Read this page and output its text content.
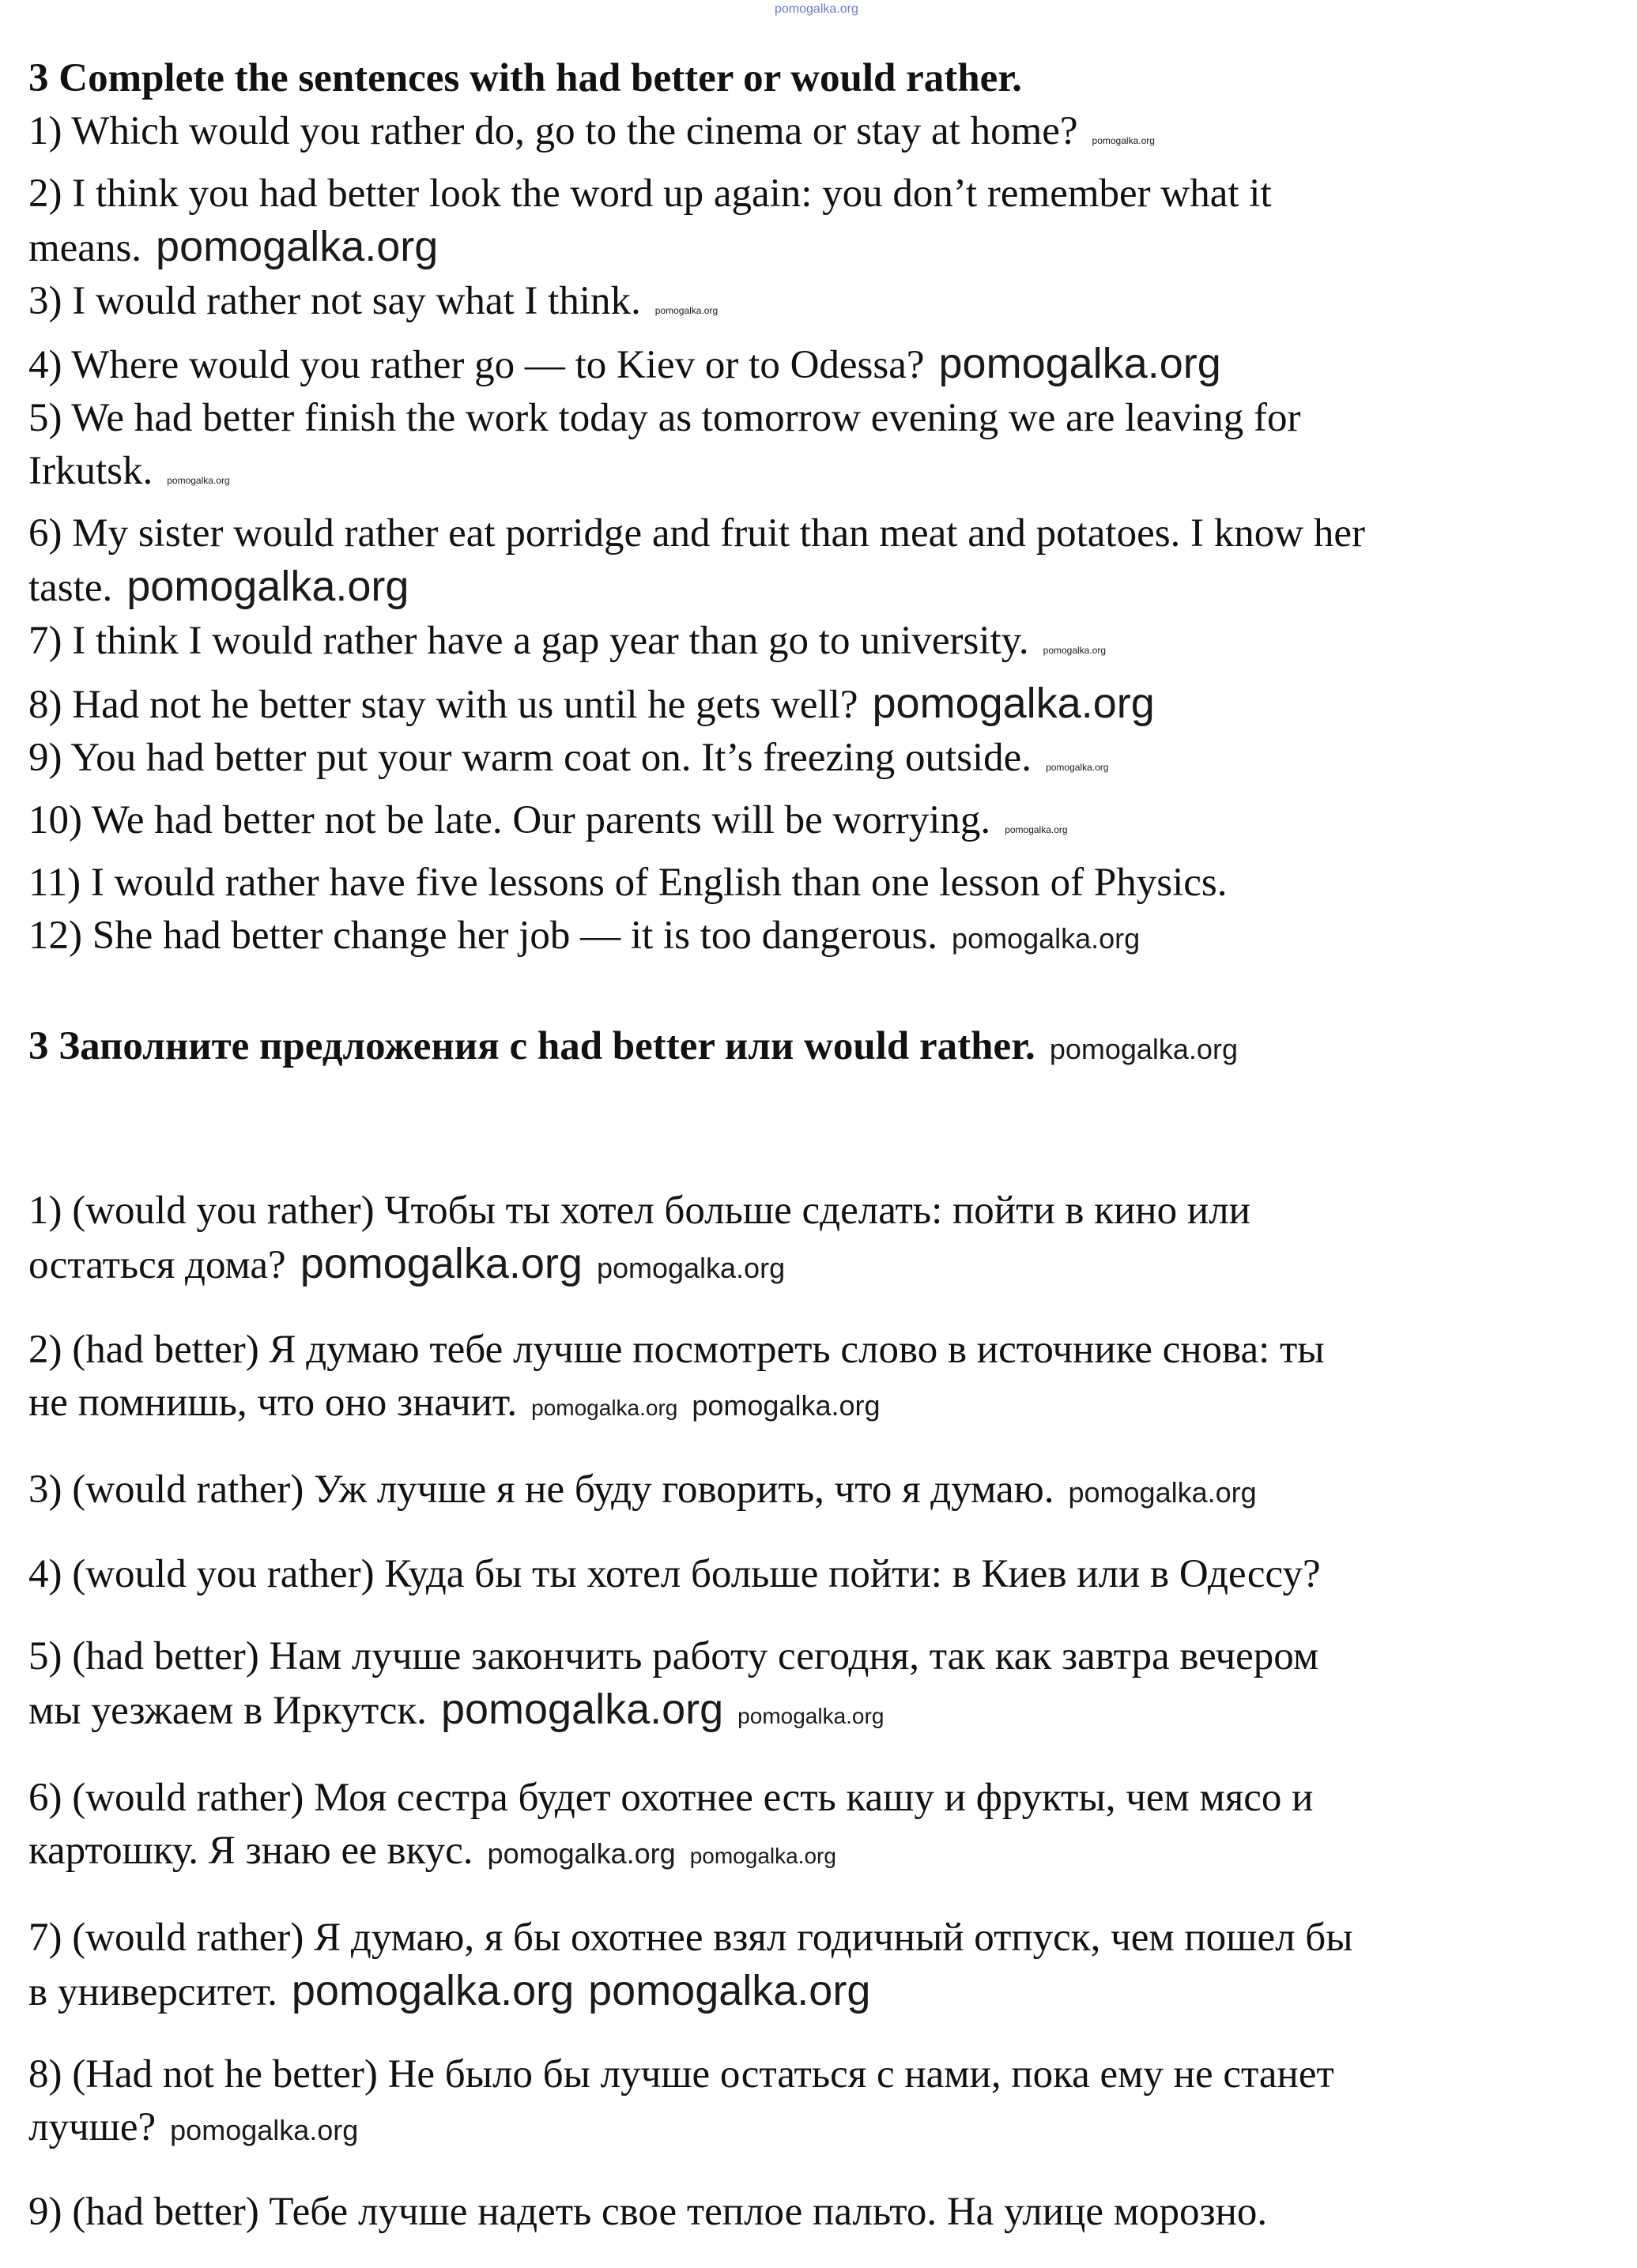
pomogalka.org
3 Complete the sentences with had better or would rather.
1) Which would you rather do, go to the cinema or stay at home? pomogalka.org
2) I think you had better look the word up again: you don’t remember what it
means. pomogalka.org
3) I would rather not say what I think. pomogalka.org
4) Where would you rather go — to Kiev or to Odessa? pomogalka.org
5) We had better finish the work today as tomorrow evening we are leaving for
Irkutsk. pomogalka.org
6) My sister would rather eat porridge and fruit than meat and potatoes. I know her
taste. pomogalka.org
7) I think I would rather have a gap year than go to university. pomogalka.org
8) Had not he better stay with us until he gets well? pomogalka.org
9) You had better put your warm coat on. It’s freezing outside. pomogalka.org
10) We had better not be late. Our parents will be worrying. pomogalka.org
11) I would rather have five lessons of English than one lesson of Physics.
12) She had better change her job — it is too dangerous. pomogalka.org
3 Заполните предложения с had better или would rather. pomogalka.org
1) (would you rather) Чтобы ты хотел больше сделать: пойти в кино или
остаться дома? pomogalka.org pomogalka.org
2) (had better) Я думаю тебе лучше посмотреть слово в источнике снова: ты
не помнишь, что оно значит. pomogalka.org pomogalka.org
3) (would rather) Уж лучше я не буду говорить, что я думаю. pomogalka.org
4) (would you rather) Куда бы ты хотел больше пойти: в Киев или в Одессу?
5) (had better) Нам лучше закончить работу сегодня, так как завтра вечером
мы уезжаем в Иркутск. pomogalka.org pomogalka.org
6) (would rather) Моя сестра будет охотнее есть кашу и фрукты, чем мясо и
картошку. Я знаю ее вкус. pomogalka.org pomogalka.org
7) (would rather) Я думаю, я бы охотнее взял годичный отпуск, чем пошел бы
в университет. pomogalka.org pomogalka.org
8) (Had not he better) Не было бы лучше остаться с нами, пока ему не станет
лучше? pomogalka.org
9) (had better) Тебе лучше надеть свое теплое пальто. На улице морозно.
